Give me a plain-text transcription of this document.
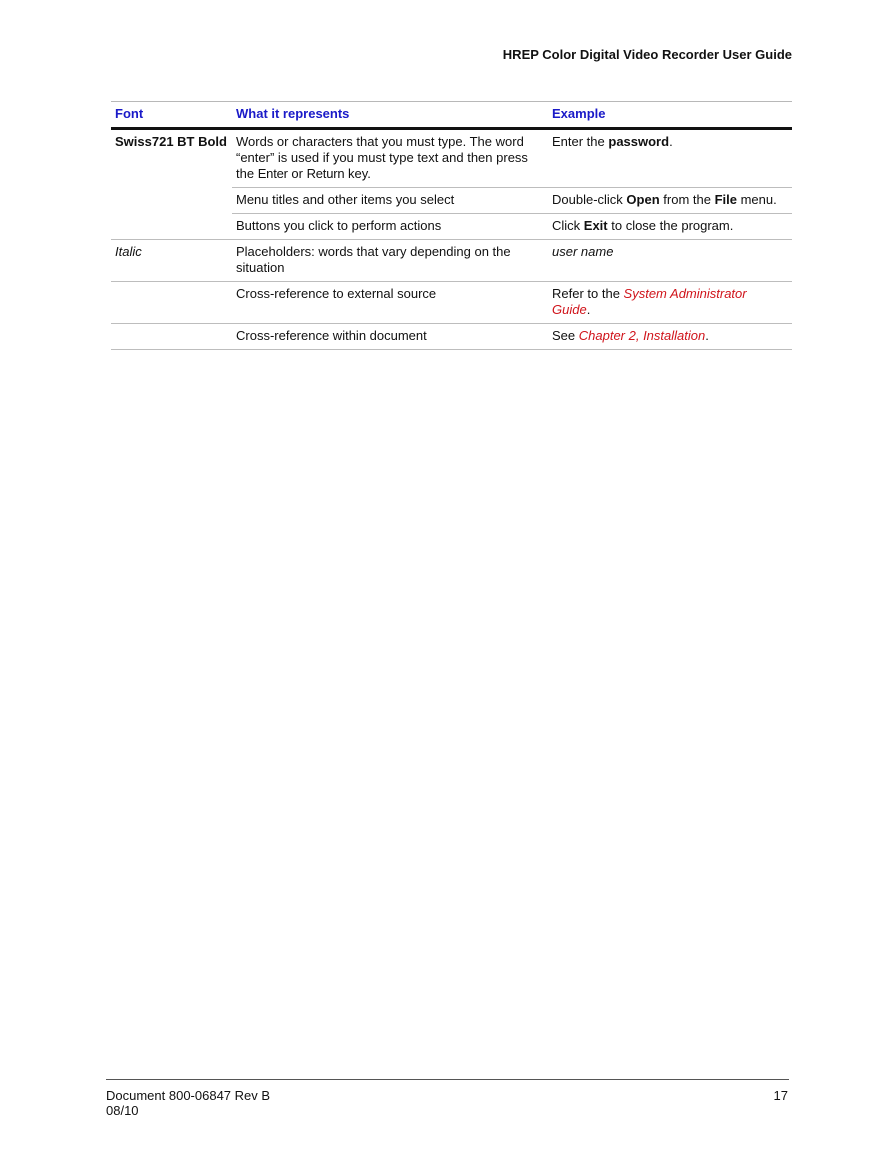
HREP Color Digital Video Recorder User Guide
Font	What it represents	Example
Swiss721 BT Bold	Words or characters that you must type. The word
“enter” is used if you must type text and then press
the Enter or Return key.	Enter the password.
	Menu titles and other items you select	Double-click Open from the File menu.
	Buttons you click to perform actions	Click Exit to close the program.
Italic	Placeholders: words that vary depending on the situation	user name
	Cross-reference to external source	Refer to the System Administrator Guide.
	Cross-reference within document	See Chapter 2, Installation.
Document 800-06847 Rev B
08/10
17
